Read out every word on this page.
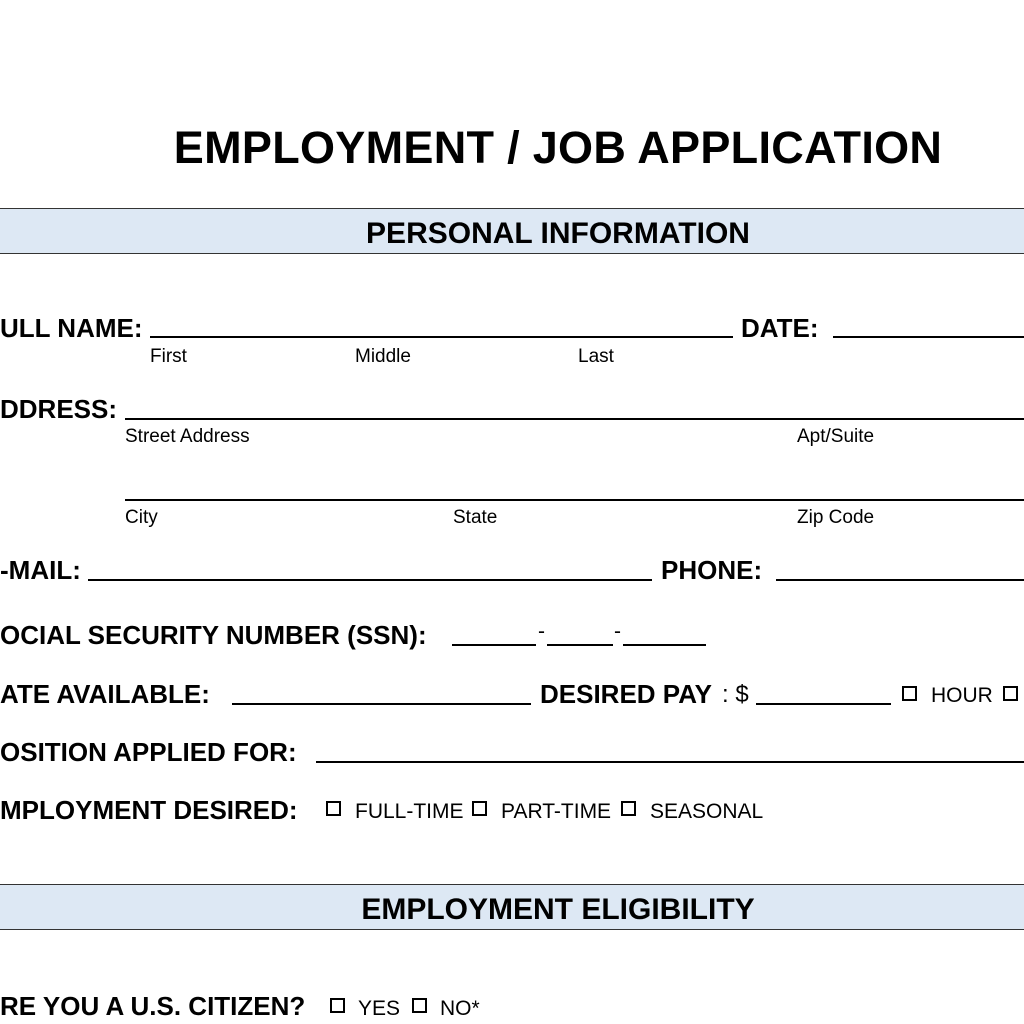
EMPLOYMENT / JOB APPLICATION
PERSONAL INFORMATION
ULL NAME:
First	Middle	Last
DATE:
DDRESS:
Street Address	Apt/Suite
City	State	Zip Code
-MAIL:	PHONE:
OCIAL SECURITY NUMBER (SSN):	-	-
ATE AVAILABLE:	DESIRED PAY : $	HOUR
OSITION APPLIED FOR:
MPLOYMENT DESIRED:	FULL-TIME PART-TIME SEASONAL
EMPLOYMENT ELIGIBILITY
RE YOU A U.S. CITIZEN?	YES NO*
